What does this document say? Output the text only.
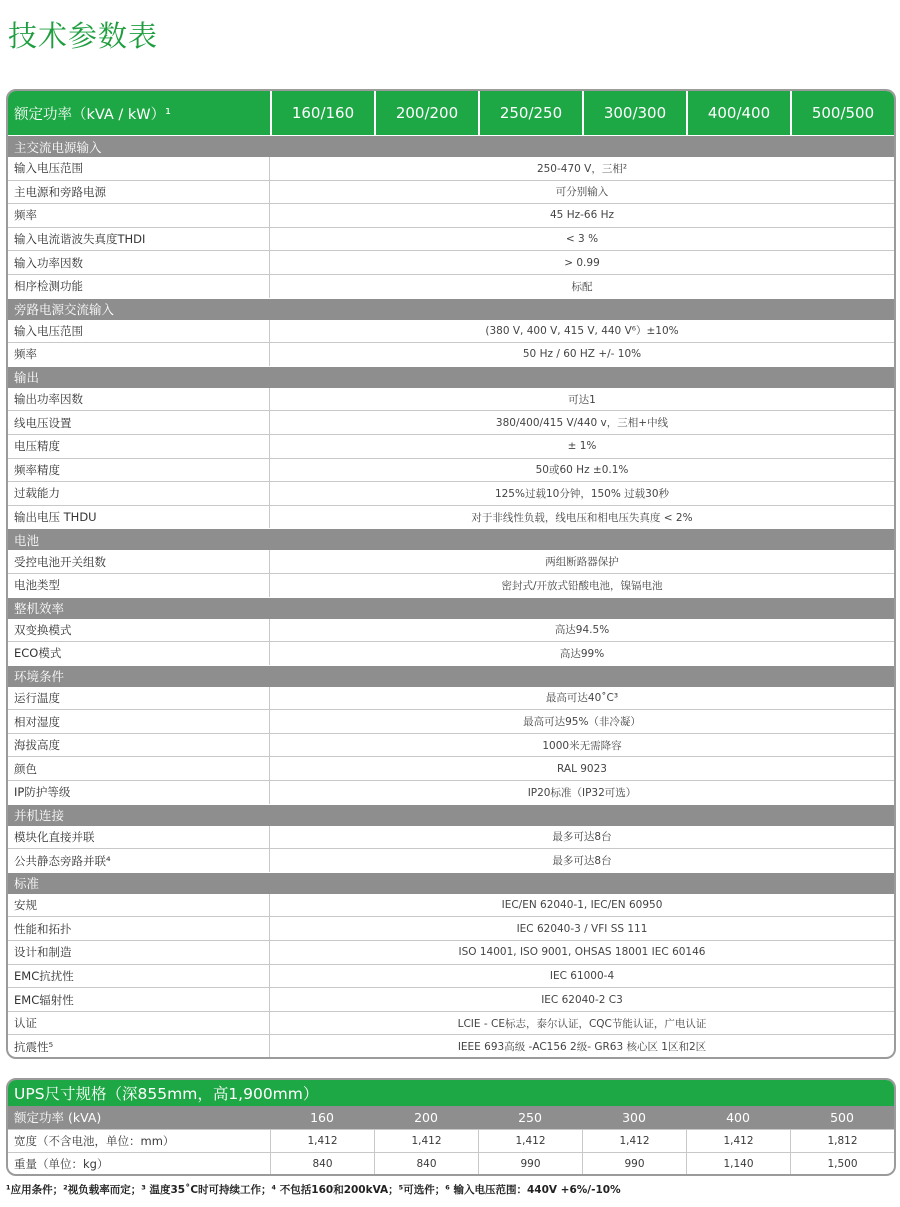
技术参数表
额定功率（kVA / kW）¹	160/160	200/200	250/250	300/300	400/400	500/500
主交流电源输入
输入电压范围	250-470 V，三相²
主电源和旁路电源	可分别输入
频率	45 Hz-66 Hz
输入电流谐波失真度THDI	< 3 %
输入功率因数	> 0.99
相序检测功能	标配
旁路电源交流输入
输入电压范围	(380 V, 400 V, 415 V, 440 V⁶）±10%
频率	50 Hz / 60 HZ +/- 10%
输出
输出功率因数	可达1
线电压设置	380/400/415 V/440 v，三相+中线
电压精度	± 1%
频率精度	50或60 Hz ±0.1%
过载能力	125%过载10分钟，150% 过载30秒
输出电压 THDU	对于非线性负载，线电压和相电压失真度 < 2%
电池
受控电池开关组数	两组断路器保护
电池类型	密封式/开放式铅酸电池，镍镉电池
整机效率
双变换模式	高达94.5%
ECO模式	高达99%
环境条件
运行温度	最高可达40˚C³
相对湿度	最高可达95%（非冷凝）
海拔高度	1000米无需降容
颜色	RAL 9023
IP防护等级	IP20标准（IP32可选）
并机连接
模块化直接并联	最多可达8台
公共静态旁路并联⁴	最多可达8台
标准
安规	IEC/EN 62040-1, IEC/EN 60950
性能和拓扑	IEC 62040-3 / VFI SS 111
设计和制造	ISO 14001, ISO 9001, OHSAS 18001 IEC 60146
EMC抗扰性	IEC 61000-4
EMC辐射性	IEC 62040-2 C3
认证	LCIE - CE标志，泰尔认证，CQC节能认证，广电认证
抗震性⁵	IEEE 693高级 -AC156 2级- GR63 核心区 1区和2区
UPS尺寸规格（深855mm，高1,900mm）
额定功率 (kVA)	160	200	250	300	400	500
宽度（不含电池，单位：mm）	1,412	1,412	1,412	1,412	1,412	1,812
重量（单位：kg）	840	840	990	990	1,140	1,500
¹应用条件；²视负载率而定；³ 温度35˚C时可持续工作；⁴ 不包括160和200kVA；⁵可选件；⁶ 输入电压范围：440V +6%/-10%
